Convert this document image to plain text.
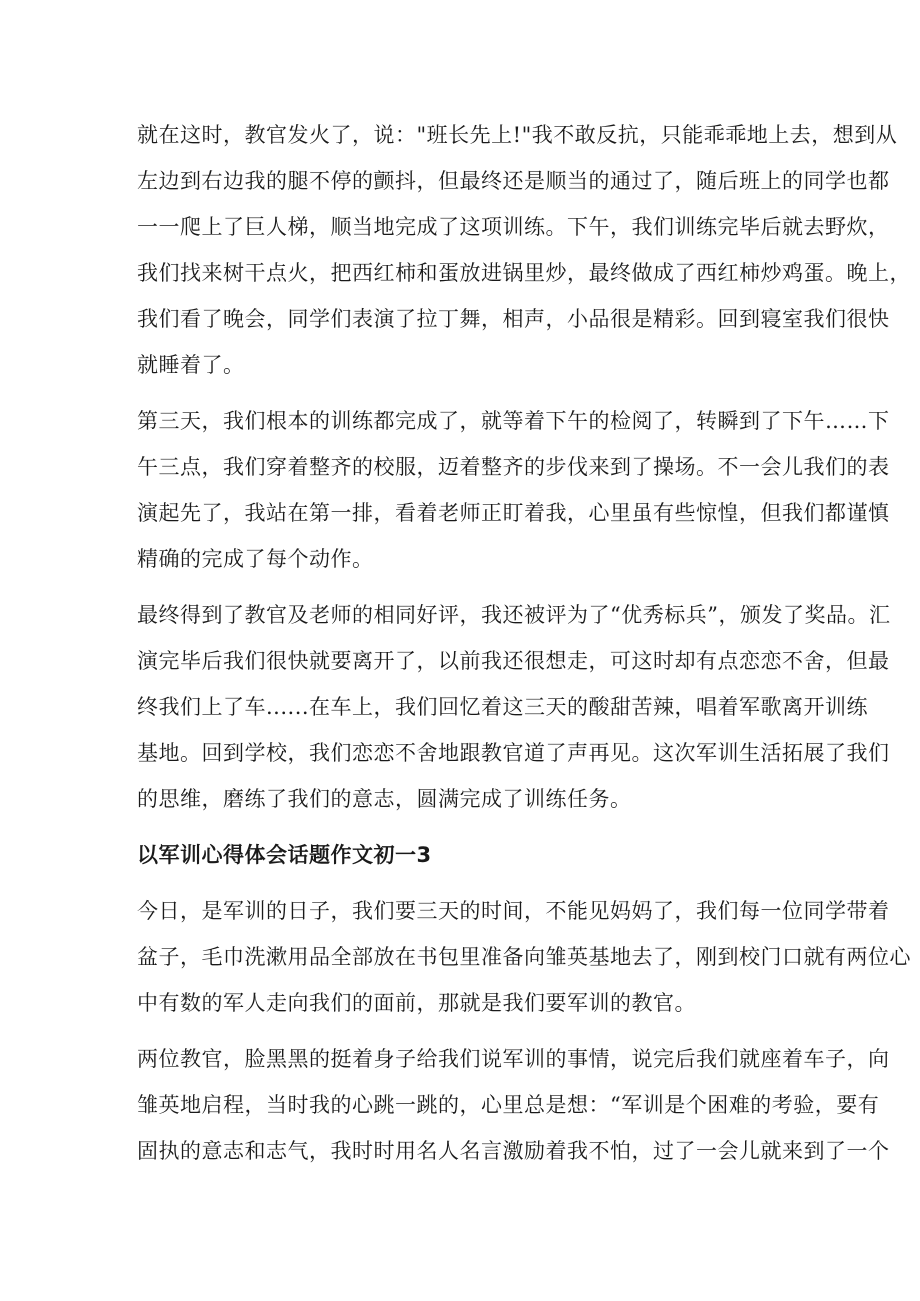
就在这时，教官发火了，说："班长先上!"我不敢反抗，只能乖乖地上去，想到从
左边到右边我的腿不停的颤抖，但最终还是顺当的通过了，随后班上的同学也都
一一爬上了巨人梯，顺当地完成了这项训练。下午，我们训练完毕后就去野炊，
我们找来树干点火，把西红柿和蛋放进锅里炒，最终做成了西红柿炒鸡蛋。晚上，
我们看了晚会，同学们表演了拉丁舞，相声，小品很是精彩。回到寝室我们很快
就睡着了。

第三天，我们根本的训练都完成了，就等着下午的检阅了，转瞬到了下午……下
午三点，我们穿着整齐的校服，迈着整齐的步伐来到了操场。不一会儿我们的表
演起先了，我站在第一排，看着老师正盯着我，心里虽有些惊惶，但我们都谨慎
精确的完成了每个动作。

最终得到了教官及老师的相同好评，我还被评为了“优秀标兵”，颁发了奖品。汇
演完毕后我们很快就要离开了，以前我还很想走，可这时却有点恋恋不舍，但最
终我们上了车......在车上，我们回忆着这三天的酸甜苦辣，唱着军歌离开训练
基地。回到学校，我们恋恋不舍地跟教官道了声再见。这次军训生活拓展了我们
的思维，磨练了我们的意志，圆满完成了训练任务。

以军训心得体会话题作文初一3

今日，是军训的日子，我们要三天的时间，不能见妈妈了，我们每一位同学带着
盆子，毛巾洗漱用品全部放在书包里准备向雏英基地去了，刚到校门口就有两位心
中有数的军人走向我们的面前，那就是我们要军训的教官。

两位教官，脸黑黑的挺着身子给我们说军训的事情，说完后我们就座着车子，向
雏英地启程，当时我的心跳一跳的，心里总是想：“军训是个困难的考验，要有
固执的意志和志气，我时时用名人名言激励着我不怕，过了一会儿就来到了一个
